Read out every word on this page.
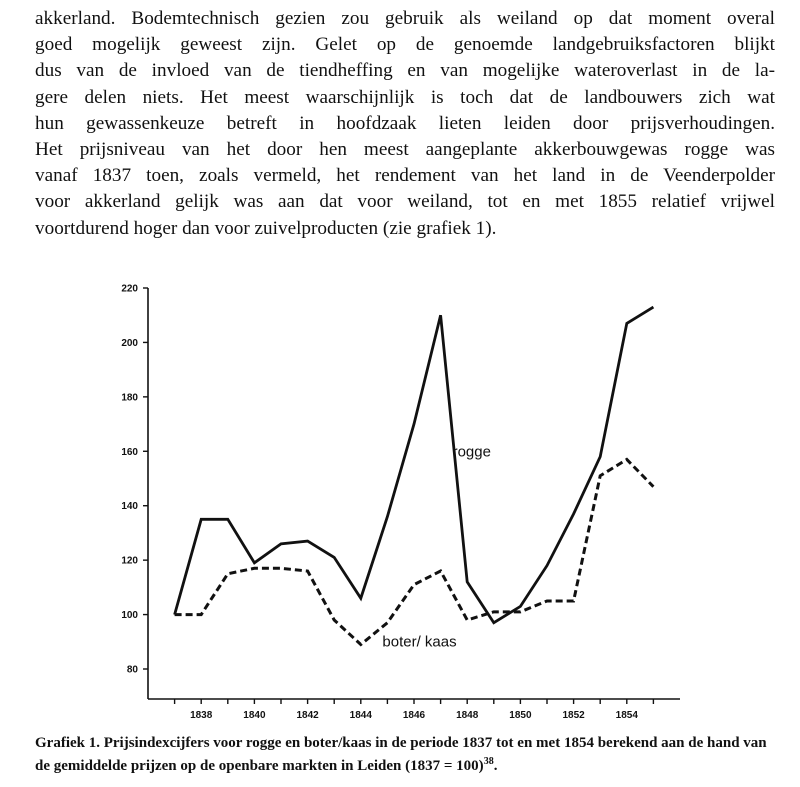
akkerland. Bodemtechnisch gezien zou gebruik als weiland op dat moment overal
goed mogelijk geweest zijn. Gelet op de genoemde landgebruiksfactoren blijkt
dus van de invloed van de tiendheffing en van mogelijke wateroverlast in de la-
gere delen niets. Het meest waarschijnlijk is toch dat de landbouwers zich wat
hun gewassenkeuze betreft in hoofdzaak lieten leiden door prijsverhoudingen.
Het prijsniveau van het door hen meest aangeplante akkerbouwgewas rogge was
vanaf 1837 toen, zoals vermeld, het rendement van het land in de Veenderpolder
voor akkerland gelijk was aan dat voor weiland, tot en met 1855 relatief vrijwel
voortdurend hoger dan voor zuivelproducten (zie grafiek 1).
80
100
120
140
160
180
200
220
1838	1840	1842	1844	1846	1848	1850	1852	1854
rogge
boter/ kaas

Grafiek 1. Prijsindexcijfers voor rogge en boter/kaas in de periode 1837 tot en met 1854 berekend aan de hand van de gemiddelde prijzen op de openbare markten in Leiden (1837 = 100)$^{38}$.
